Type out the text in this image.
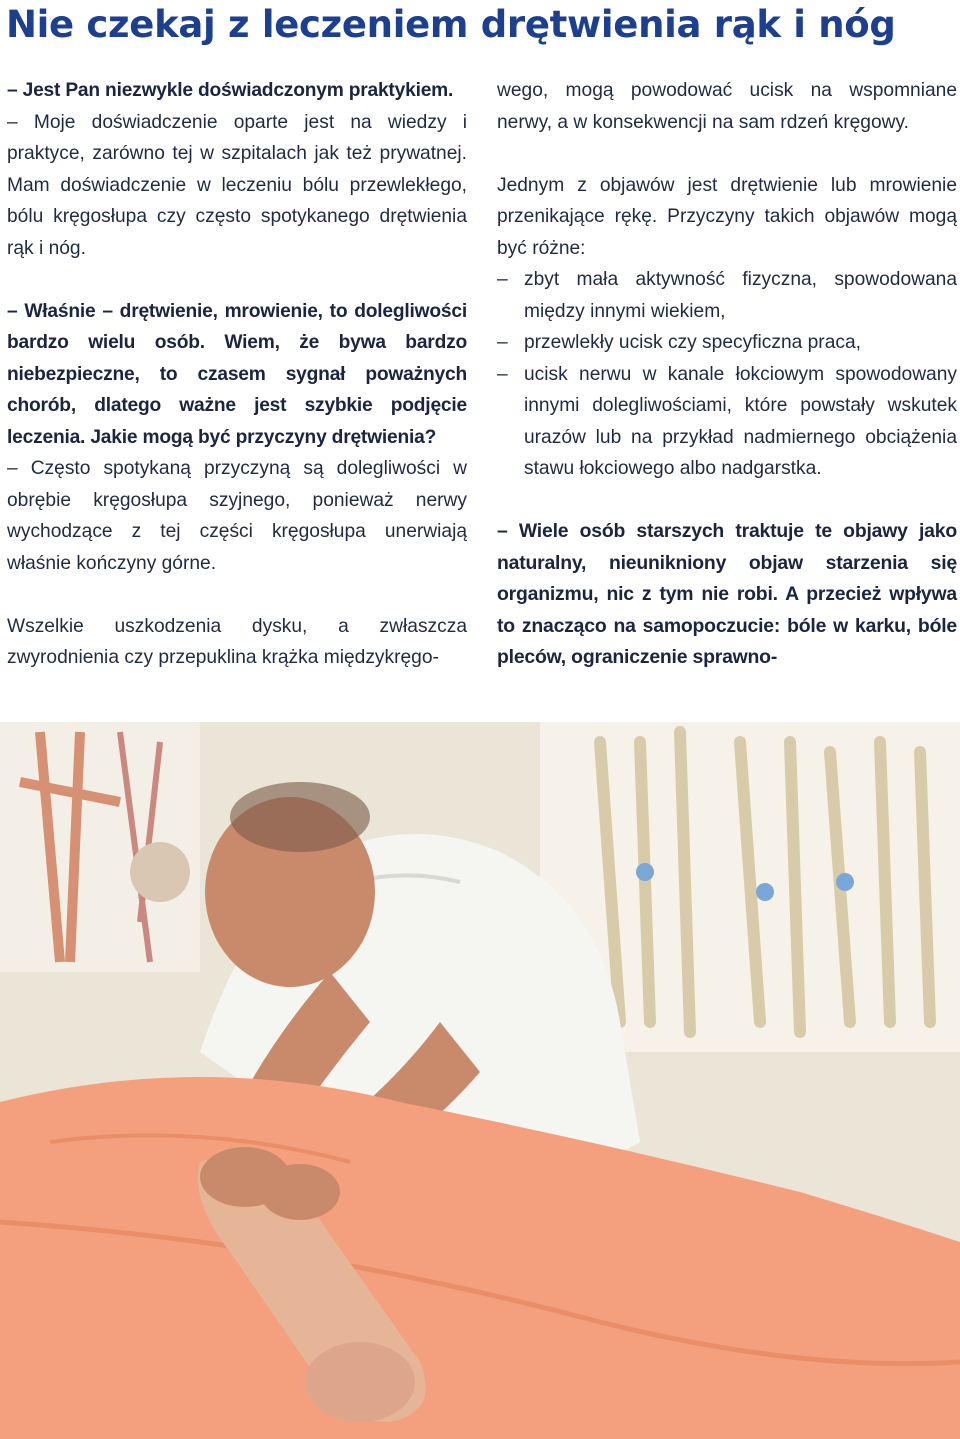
Nie czekaj z leczeniem drętwienia rąk i nóg

– Jest Pan niezwykle doświadczonym praktykiem.

– Moje doświadczenie oparte jest na wiedzy i praktyce, zarówno tej w szpitalach jak też prywatnej. Mam doświadczenie w leczeniu bólu przewlekłego, bólu kręgosłupa czy często spotykanego drętwienia rąk i nóg.

– Właśnie – drętwienie, mrowienie, to dolegliwości bardzo wielu osób. Wiem, że bywa bardzo niebezpieczne, to czasem sygnał poważnych chorób, dlatego ważne jest szybkie podjęcie leczenia. Jakie mogą być przyczyny drętwienia?

– Często spotykaną przyczyną są dolegliwości w obrębie kręgosłupa szyjnego, ponieważ nerwy wychodzące z tej części kręgosłupa unerwiają właśnie kończyny górne.

Wszelkie uszkodzenia dysku, a zwłaszcza zwyrodnienia czy przepuklina krążka międzykręgo-

wego, mogą powodować ucisk na wspomniane nerwy, a w konsekwencji na sam rdzeń kręgowy.

Jednym z objawów jest drętwienie lub mrowienie przenikające rękę. Przyczyny takich objawów mogą być różne:

– zbyt mała aktywność fizyczna, spowodowana między innymi wiekiem,
– przewlekły ucisk czy specyficzna praca,
– ucisk nerwu w kanale łokciowym spowodowany innymi dolegliwościami, które powstały wskutek urazów lub na przykład nadmiernego obciążenia stawu łokciowego albo nadgarstka.

– Wiele osób starszych traktuje te objawy jako naturalny, nieunikniony objaw starzenia się organizmu, nic z tym nie robi. A przecież wpływa to znacząco na samopoczucie: bóle w karku, bóle pleców, ograniczenie sprawno-
